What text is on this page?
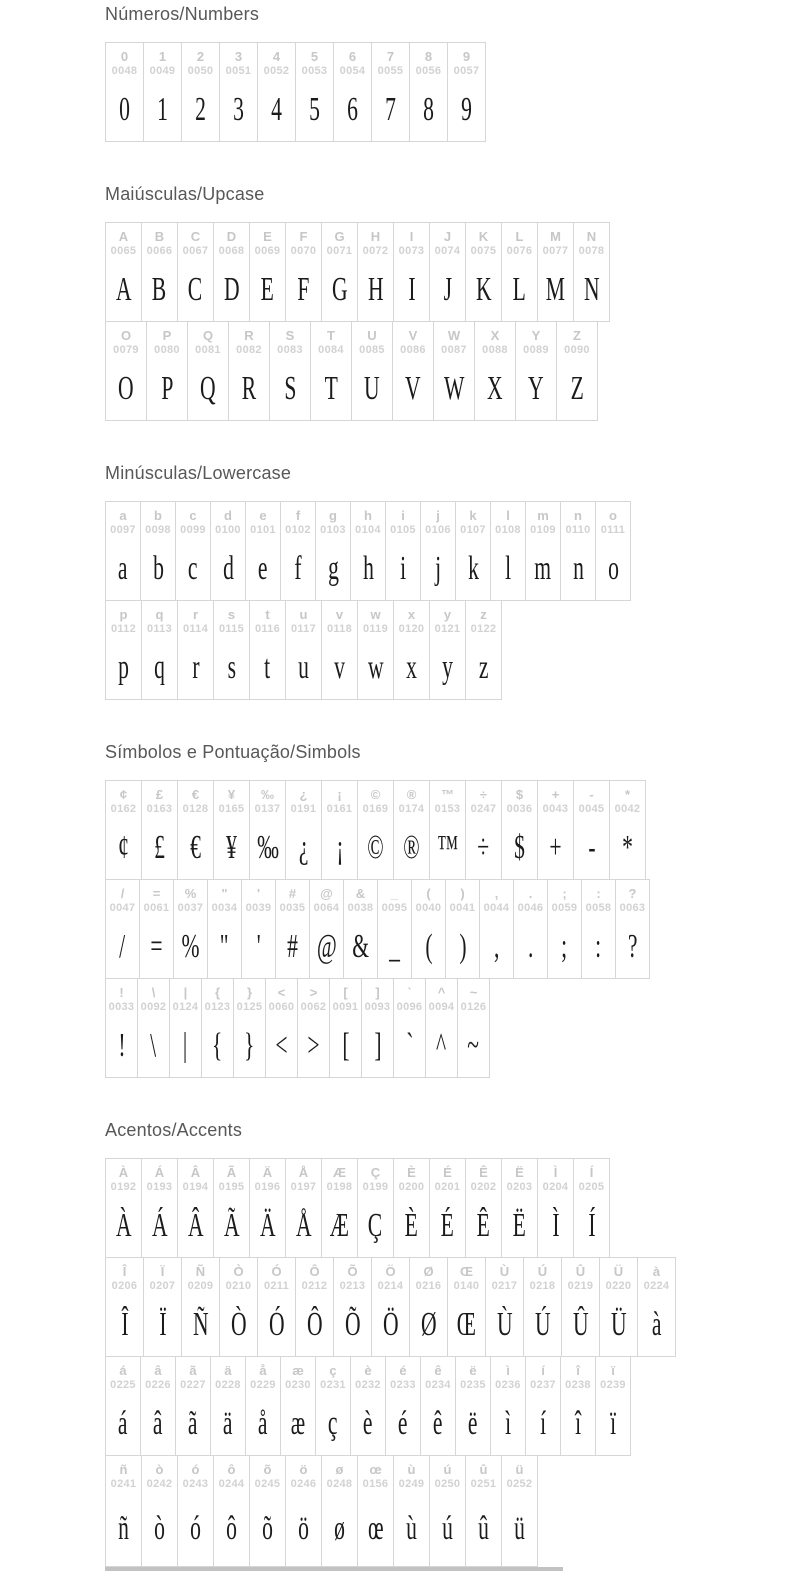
Números/Numbers
0
0048
0
1
0049
1
2
0050
2
3
0051
3
4
0052
4
5
0053
5
6
0054
6
7
0055
7
8
0056
8
9
0057
9
Maiúsculas/Upcase
A
0065
A
B
0066
B
C
0067
C
D
0068
D
E
0069
E
F
0070
F
G
0071
G
H
0072
H
I
0073
I
J
0074
J
K
0075
K
L
0076
L
M
0077
M
N
0078
N
O
0079
O
P
0080
P
Q
0081
Q
R
0082
R
S
0083
S
T
0084
T
U
0085
U
V
0086
V
W
0087
W
X
0088
X
Y
0089
Y
Z
0090
Z
Minúsculas/Lowercase
a
0097
a
b
0098
b
c
0099
c
d
0100
d
e
0101
e
f
0102
f
g
0103
g
h
0104
h
i
0105
i
j
0106
j
k
0107
k
l
0108
l
m
0109
m
n
0110
n
o
0111
o
p
0112
p
q
0113
q
r
0114
r
s
0115
s
t
0116
t
u
0117
u
v
0118
v
w
0119
w
x
0120
x
y
0121
y
z
0122
z
Símbolos e Pontuação/Simbols
¢
0162
¢
£
0163
£
€
0128
€
¥
0165
¥
‰
0137
‰
¿
0191
¿
¡
0161
¡
©
0169
©
®
0174
®
™
0153
™
÷
0247
÷
$
0036
$
+
0043
+
-
0045
-
*
0042
*
/
0047
/
=
0061
=
%
0037
%
"
0034
"
'
0039
'
#
0035
#
@
0064
@
&
0038
&
_
0095
_
(
0040
(
)
0041
)
,
0044
,
.
0046
.
;
0059
;
:
0058
:
?
0063
?
!
0033
!
\
0092
\
|
0124
|
{
0123
{
}
0125
}
<
0060
<
>
0062
>
[
0091
[
]
0093
]
`
0096
`
^
0094
^
~
0126
~
Acentos/Accents
À
0192
À
Á
0193
Á
Â
0194
Â
Ã
0195
Ã
Ä
0196
Ä
Å
0197
Å
Æ
0198
Æ
Ç
0199
Ç
È
0200
È
É
0201
É
Ê
0202
Ê
Ë
0203
Ë
Ì
0204
Ì
Í
0205
Í
Î
0206
Î
Ï
0207
Ï
Ñ
0209
Ñ
Ò
0210
Ò
Ó
0211
Ó
Ô
0212
Ô
Õ
0213
Õ
Ö
0214
Ö
Ø
0216
Ø
Œ
0140
Œ
Ù
0217
Ù
Ú
0218
Ú
Û
0219
Û
Ü
0220
Ü
à
0224
à
á
0225
á
â
0226
â
ã
0227
ã
ä
0228
ä
å
0229
å
æ
0230
æ
ç
0231
ç
è
0232
è
é
0233
é
ê
0234
ê
ë
0235
ë
ì
0236
ì
í
0237
í
î
0238
î
ï
0239
ï
ñ
0241
ñ
ò
0242
ò
ó
0243
ó
ô
0244
ô
õ
0245
õ
ö
0246
ö
ø
0248
ø
œ
0156
œ
ù
0249
ù
ú
0250
ú
û
0251
û
ü
0252
ü
